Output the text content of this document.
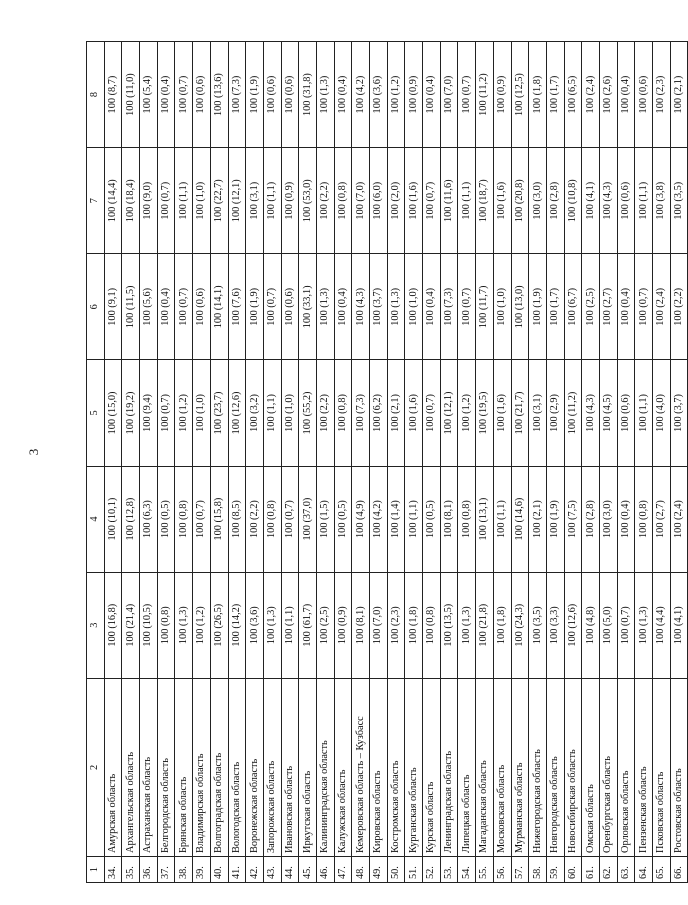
3
1	2	3	4	5	6	7	8
34.	Амурская область	100 (16,8)	100 (10,1)	100 (15,0)	100 (9,1)	100 (14,4)	100 (8,7)
35.	Архангельская область	100 (21,4)	100 (12,8)	100 (19,2)	100 (11,5)	100 (18,4)	100 (11,0)
36.	Астраханская область	100 (10,5)	100 (6,3)	100 (9,4)	100 (5,6)	100 (9,0)	100 (5,4)
37.	Белгородская область	100 (0,8)	100 (0,5)	100 (0,7)	100 (0,4)	100 (0,7)	100 (0,4)
38.	Брянская область	100 (1,3)	100 (0,8)	100 (1,2)	100 (0,7)	100 (1,1)	100 (0,7)
39.	Владимирская область	100 (1,2)	100 (0,7)	100 (1,0)	100 (0,6)	100 (1,0)	100 (0,6)
40.	Волгоградская область	100 (26,5)	100 (15,8)	100 (23,7)	100 (14,1)	100 (22,7)	100 (13,6)
41.	Вологодская область	100 (14,2)	100 (8,5)	100 (12,6)	100 (7,6)	100 (12,1)	100 (7,3)
42.	Воронежская область	100 (3,6)	100 (2,2)	100 (3,2)	100 (1,9)	100 (3,1)	100 (1,9)
43.	Запорожская область	100 (1,3)	100 (0,8)	100 (1,1)	100 (0,7)	100 (1,1)	100 (0,6)
44.	Ивановская область	100 (1,1)	100 (0,7)	100 (1,0)	100 (0,6)	100 (0,9)	100 (0,6)
45.	Иркутская область	100 (61,7)	100 (37,0)	100 (55,2)	100 (33,1)	100 (53,0)	100 (31,8)
46.	Калининградская область	100 (2,5)	100 (1,5)	100 (2,2)	100 (1,3)	100 (2,2)	100 (1,3)
47.	Калужская область	100 (0,9)	100 (0,5)	100 (0,8)	100 (0,4)	100 (0,8)	100 (0,4)
48.	Кемеровская область – Кузбасс	100 (8,1)	100 (4,9)	100 (7,3)	100 (4,3)	100 (7,0)	100 (4,2)
49.	Кировская область	100 (7,0)	100 (4,2)	100 (6,2)	100 (3,7)	100 (6,0)	100 (3,6)
50.	Костромская область	100 (2,3)	100 (1,4)	100 (2,1)	100 (1,3)	100 (2,0)	100 (1,2)
51.	Курганская область	100 (1,8)	100 (1,1)	100 (1,6)	100 (1,0)	100 (1,6)	100 (0,9)
52.	Курская область	100 (0,8)	100 (0,5)	100 (0,7)	100 (0,4)	100 (0,7)	100 (0,4)
53.	Ленинградская область	100 (13,5)	100 (8,1)	100 (12,1)	100 (7,3)	100 (11,6)	100 (7,0)
54.	Липецкая область	100 (1,3)	100 (0,8)	100 (1,2)	100 (0,7)	100 (1,1)	100 (0,7)
55.	Магаданская область	100 (21,8)	100 (13,1)	100 (19,5)	100 (11,7)	100 (18,7)	100 (11,2)
56.	Московская область	100 (1,8)	100 (1,1)	100 (1,6)	100 (1,0)	100 (1,6)	100 (0,9)
57.	Мурманская область	100 (24,3)	100 (14,6)	100 (21,7)	100 (13,0)	100 (20,8)	100 (12,5)
58.	Нижегородская область	100 (3,5)	100 (2,1)	100 (3,1)	100 (1,9)	100 (3,0)	100 (1,8)
59.	Новгородская область	100 (3,3)	100 (1,9)	100 (2,9)	100 (1,7)	100 (2,8)	100 (1,7)
60.	Новосибирская область	100 (12,6)	100 (7,5)	100 (11,2)	100 (6,7)	100 (10,8)	100 (6,5)
61.	Омская область	100 (4,8)	100 (2,8)	100 (4,3)	100 (2,5)	100 (4,1)	100 (2,4)
62.	Оренбургская область	100 (5,0)	100 (3,0)	100 (4,5)	100 (2,7)	100 (4,3)	100 (2,6)
63.	Орловская область	100 (0,7)	100 (0,4)	100 (0,6)	100 (0,4)	100 (0,6)	100 (0,4)
64.	Пензенская область	100 (1,3)	100 (0,8)	100 (1,1)	100 (0,7)	100 (1,1)	100 (0,6)
65.	Псковская область	100 (4,4)	100 (2,7)	100 (4,0)	100 (2,4)	100 (3,8)	100 (2,3)
66.	Ростовская область	100 (4,1)	100 (2,4)	100 (3,7)	100 (2,2)	100 (3,5)	100 (2,1)
